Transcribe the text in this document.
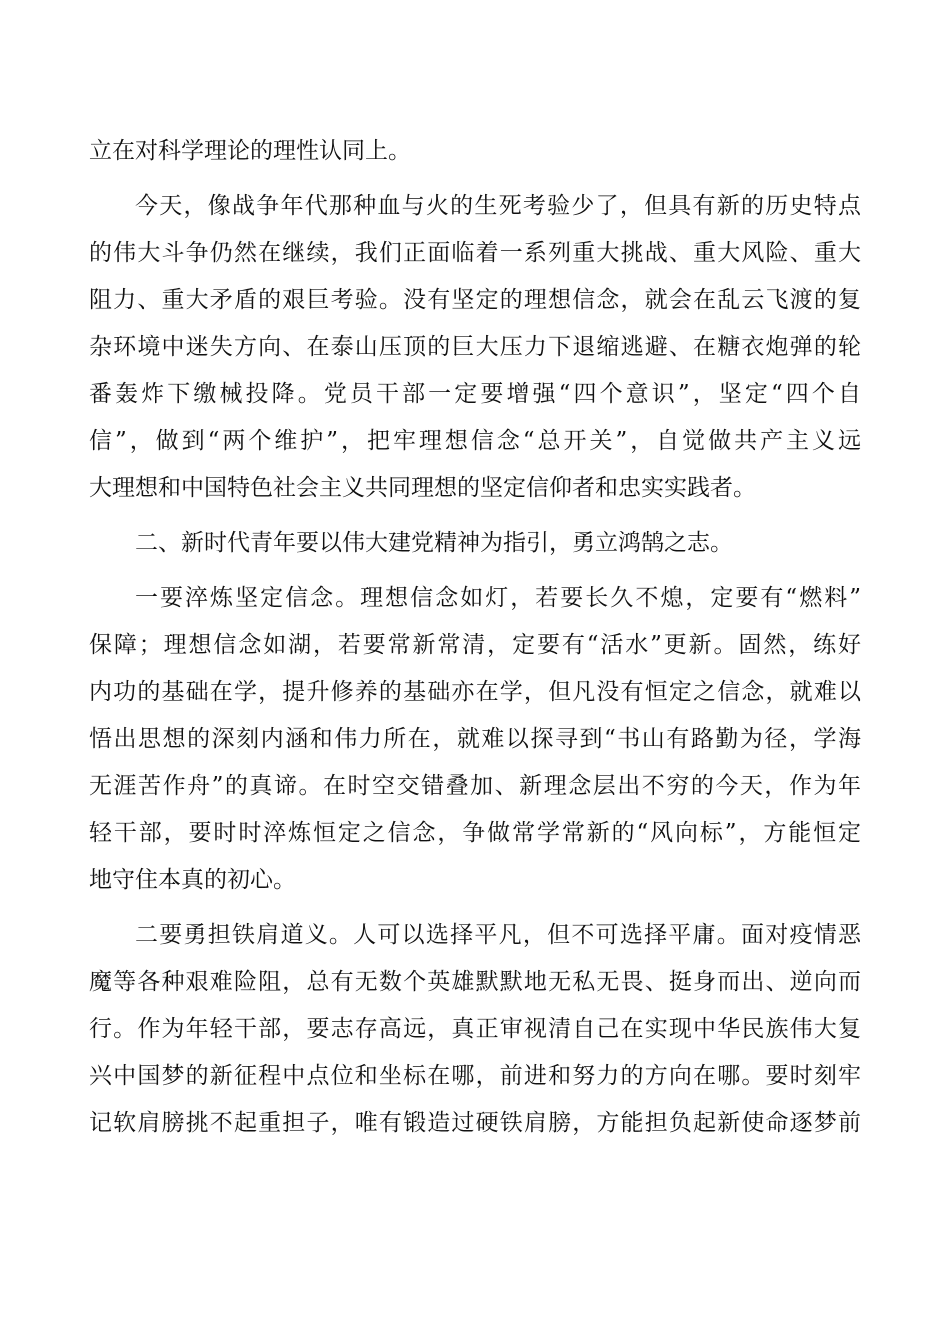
立在对科学理论的理性认同上。
今天，像战争年代那种血与火的生死考验少了，但具有新的历史特点
的伟大斗争仍然在继续，我们正面临着一系列重大挑战、重大风险、重大
阻力、重大矛盾的艰巨考验。没有坚定的理想信念，就会在乱云飞渡的复
杂环境中迷失方向、在泰山压顶的巨大压力下退缩逃避、在糖衣炮弹的轮
番轰炸下缴械投降。党员干部一定要增强“四个意识”，坚定“四个自
信”，做到“两个维护”，把牢理想信念“总开关”，自觉做共产主义远
大理想和中国特色社会主义共同理想的坚定信仰者和忠实实践者。
二、新时代青年要以伟大建党精神为指引，勇立鸿鹄之志。
一要淬炼坚定信念。理想信念如灯，若要长久不熄，定要有“燃料”
保障；理想信念如湖，若要常新常清，定要有“活水”更新。固然，练好
内功的基础在学，提升修养的基础亦在学，但凡没有恒定之信念，就难以
悟出思想的深刻内涵和伟力所在，就难以探寻到“书山有路勤为径，学海
无涯苦作舟”的真谛。在时空交错叠加、新理念层出不穷的今天，作为年
轻干部，要时时淬炼恒定之信念，争做常学常新的“风向标”，方能恒定
地守住本真的初心。
二要勇担铁肩道义。人可以选择平凡，但不可选择平庸。面对疫情恶
魔等各种艰难险阻，总有无数个英雄默默地无私无畏、挺身而出、逆向而
行。作为年轻干部，要志存高远，真正审视清自己在实现中华民族伟大复
兴中国梦的新征程中点位和坐标在哪，前进和努力的方向在哪。要时刻牢
记软肩膀挑不起重担子，唯有锻造过硬铁肩膀，方能担负起新使命逐梦前
